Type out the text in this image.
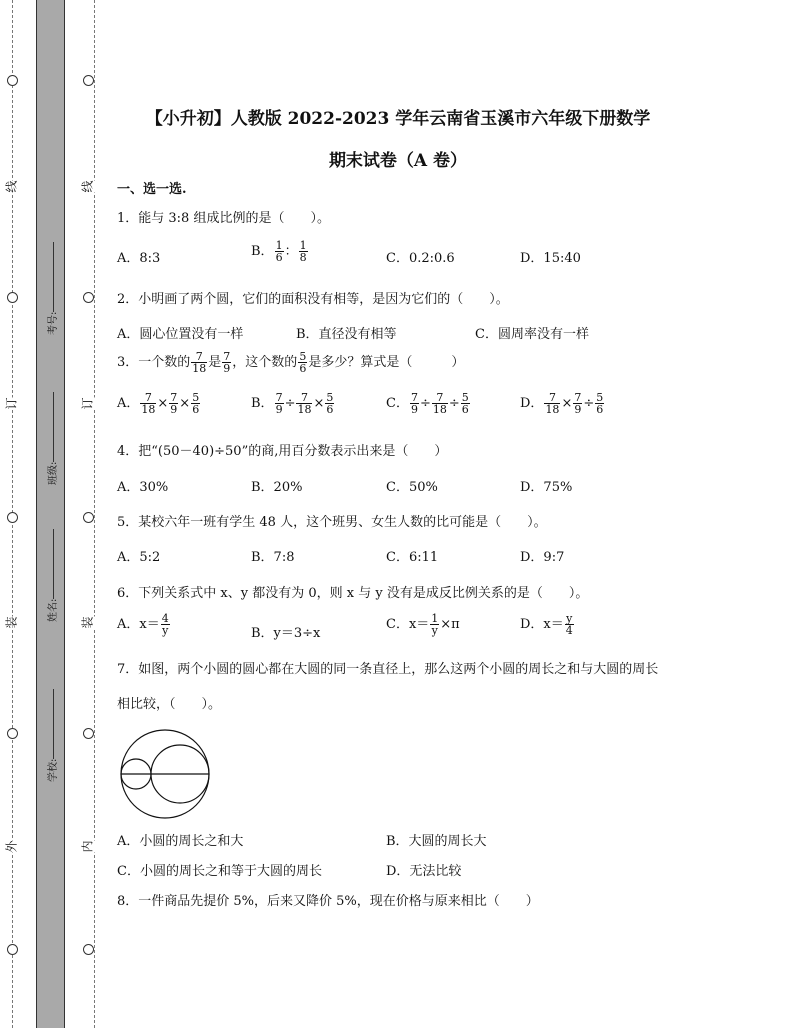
线
订
装
外
线
订
装
内
考号:
班级:
姓名:
学校:
【小升初】人教版 2022-2023 学年云南省玉溪市六年级下册数学
期末试卷（A 卷）
一、选一选.
1．能与 3:8 组成比例的是（　　）。
A．8:3	B． $\frac{1}{6}$ ： $\frac{1}{8}$	C．0.2:0.6	D．15:40
2．小明画了两个圆，它们的面积没有相等，是因为它们的（　　）。
A．圆心位置没有一样	B．直径没有相等	C．圆周率没有一样
3．一个数的 $\frac{7}{18}$ 是 $\frac{7}{9}$ ，这个数的 $\frac{5}{6}$ 是多少？算式是（　　　）
A． $\frac{7}{18} \times \frac{7}{9} \times \frac{5}{6}$	B． $\frac{7}{9} \div \frac{7}{18} \times \frac{5}{6}$	C． $\frac{7}{9} \div \frac{7}{18} \div \frac{5}{6}$	D． $\frac{7}{18} \times \frac{7}{9} \div \frac{5}{6}$
4．把“(50－40)÷50”的商,用百分数表示出来是（　　）
A．30%	B．20%	C．50%	D．75%
5．某校六年一班有学生 48 人，这个班男、女生人数的比可能是（　　）。
A．5:2	B．7:8	C．6:11	D．9:7
6．下列关系式中 x、y 都没有为 0，则 x 与 y 没有是成反比例关系的是（　　）。
A．$x= \frac{4}{y}$	B．y＝3÷x
C．$x= \frac{1}{y} \times\pi$	D．$x= \frac{y}{4}$
7．如图，两个小圆的圆心都在大圆的同一条直径上，那么这两个小圆的周长之和与大圆的周长
相比较，（　　）。
A．小圆的周长之和大	B．大圆的周长大
C．小圆的周长之和等于大圆的周长	D．无法比较
8．一件商品先提价 5%，后来又降价 5%，现在价格与原来相比（　　）
